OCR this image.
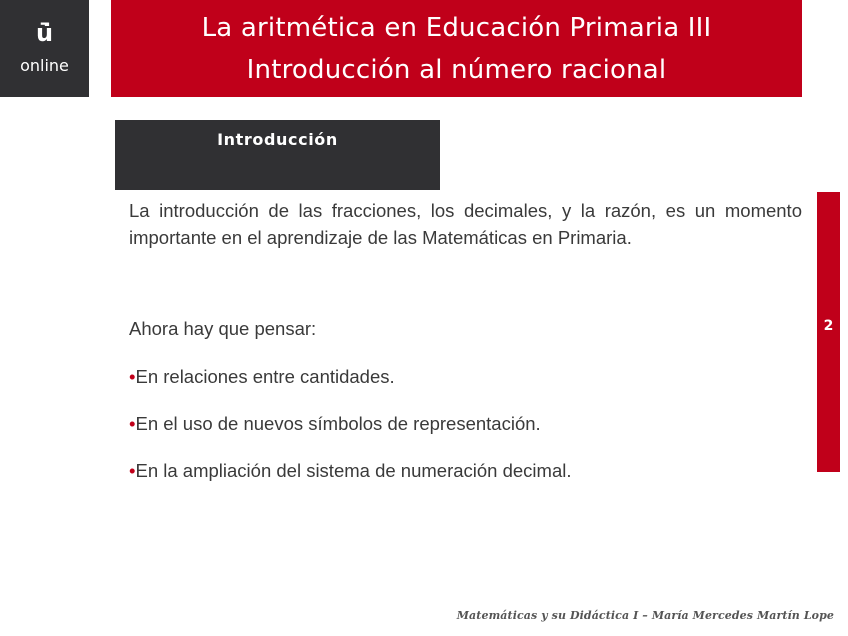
ū̇
online
La aritmética en Educación Primaria III
Introducción al número racional
Introducción

La introducción de las fracciones, los decimales, y la razón, es un momento importante en el aprendizaje de las Matemáticas en Primaria.

Ahora hay que pensar:

•En relaciones entre cantidades.
•En el uso de nuevos símbolos de representación.
•En la ampliación del sistema de numeración decimal.
2
Matemáticas y su Didáctica I – María Mercedes Martín Lope
